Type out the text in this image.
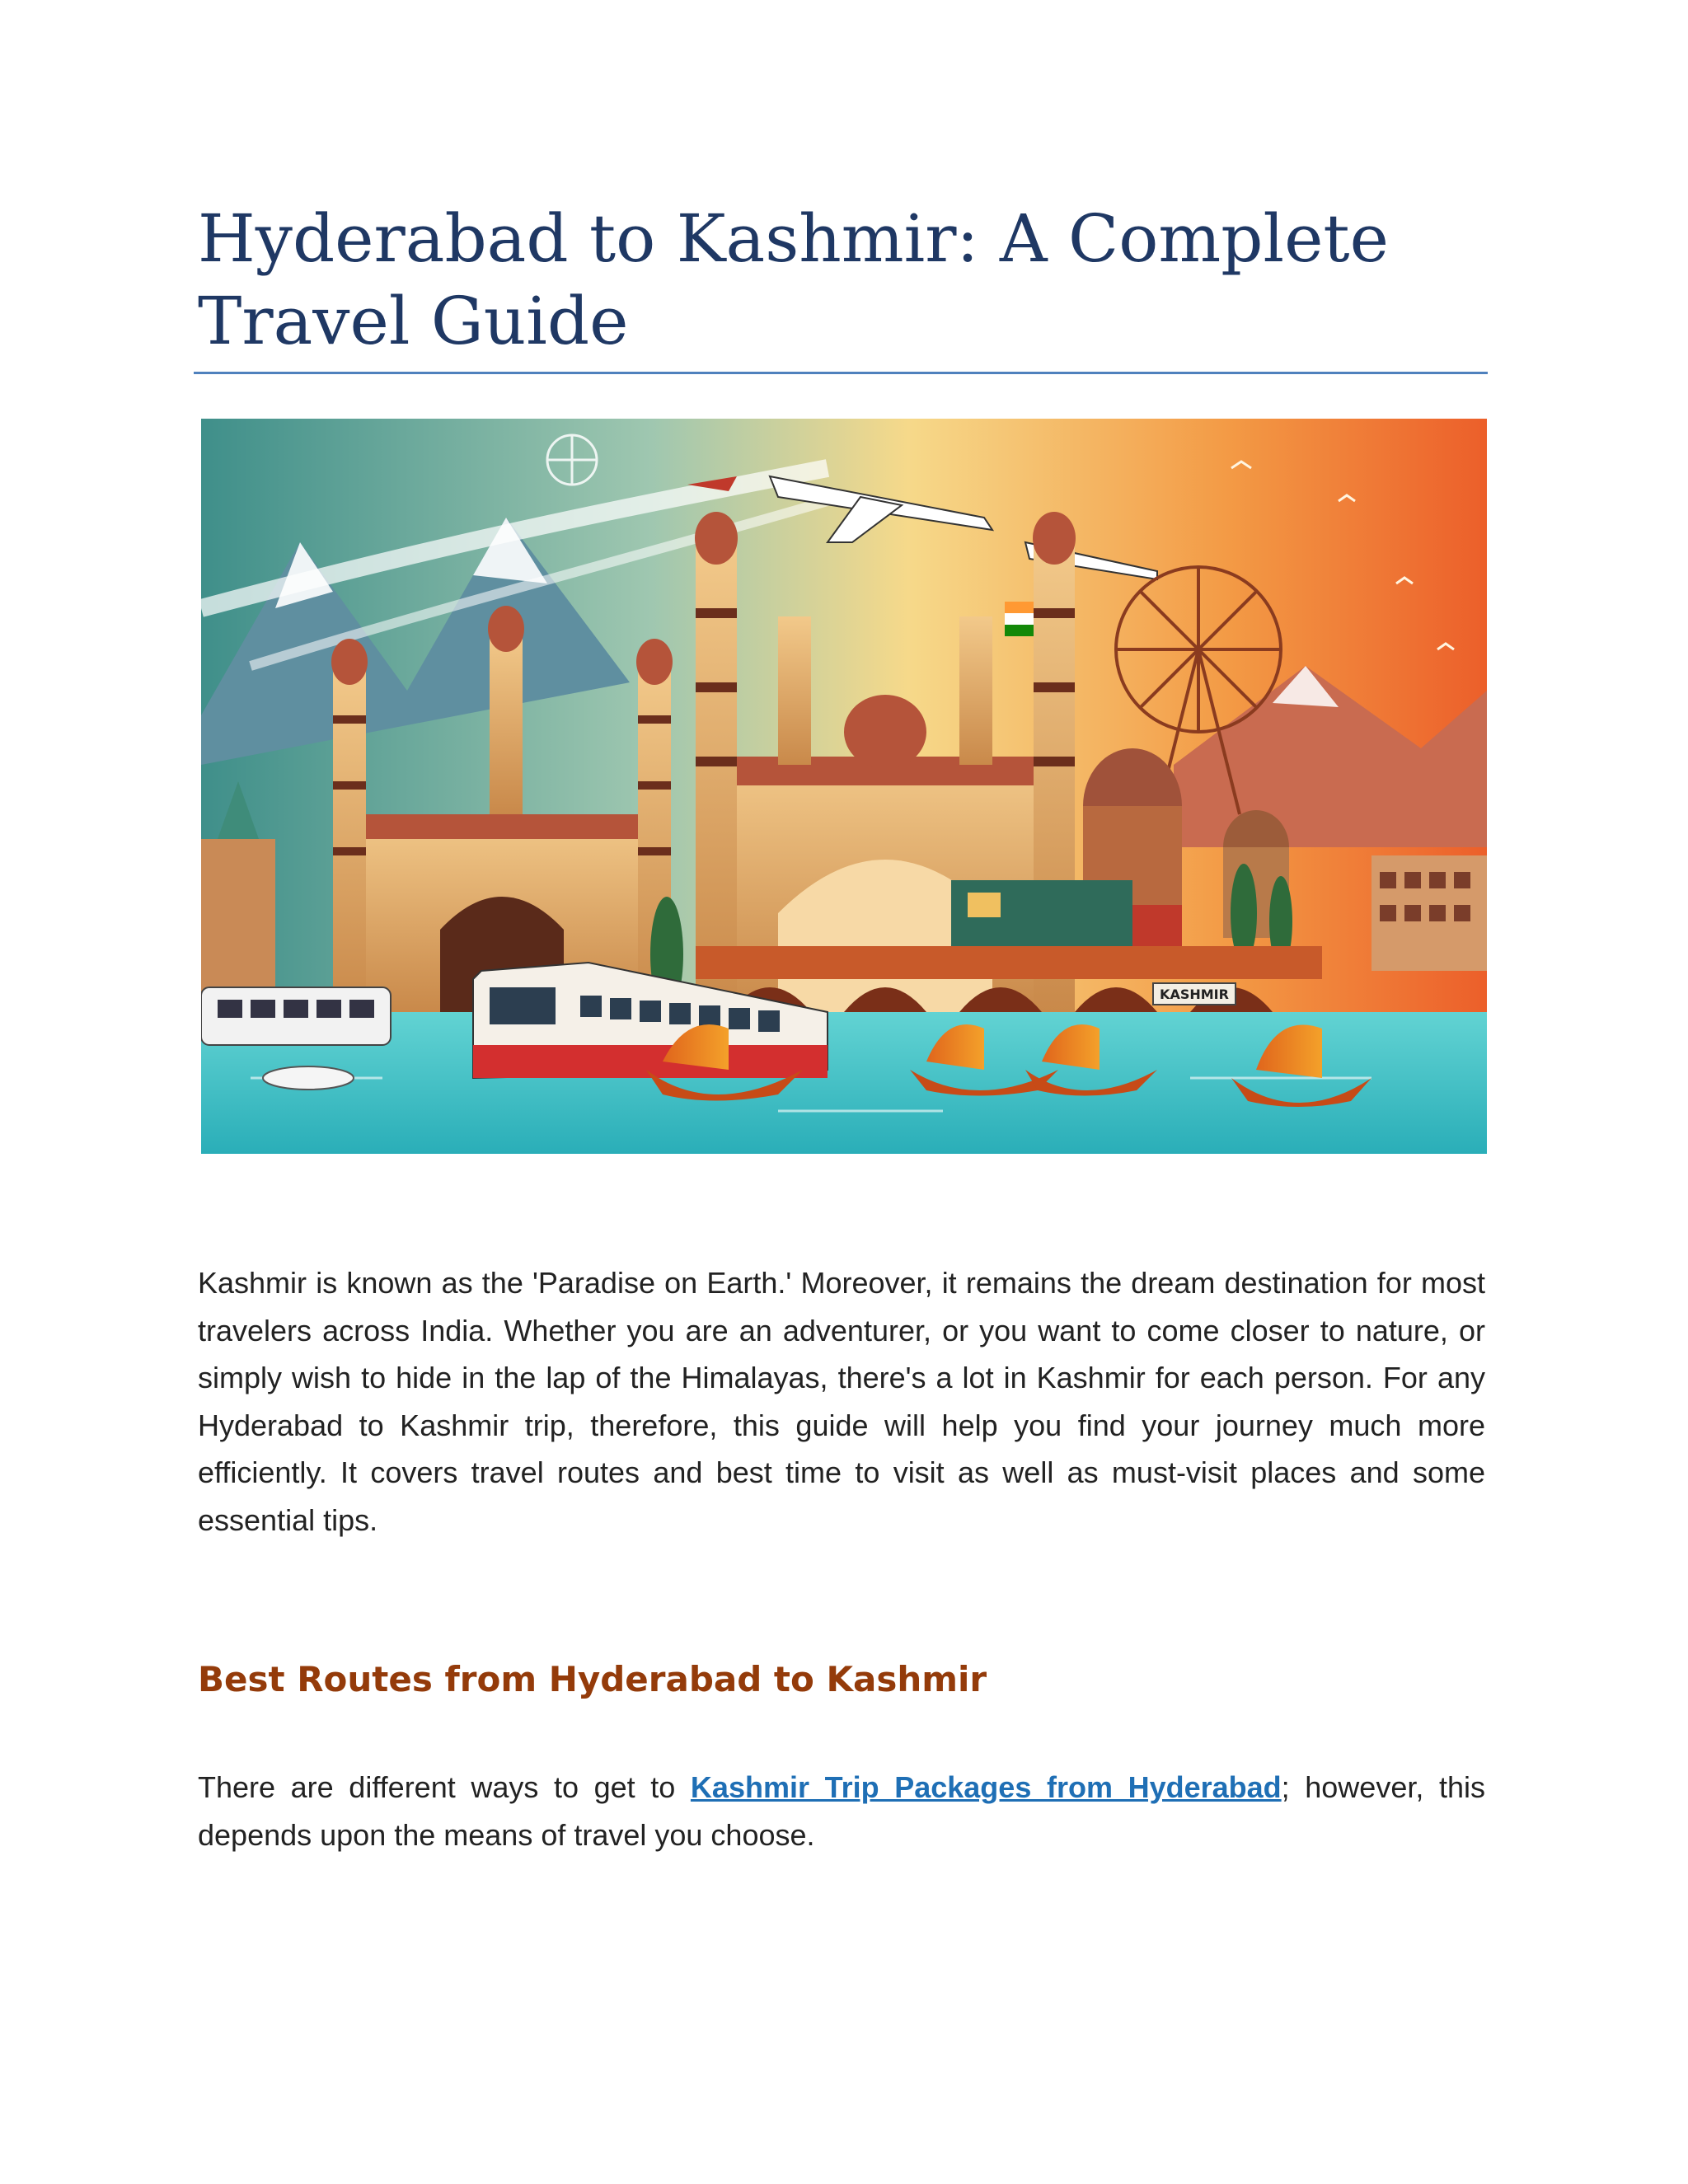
Hyderabad to Kashmir: A Complete Travel Guide
KASHMIR

Kashmir is known as the 'Paradise on Earth.' Moreover, it remains the dream destination for most travelers across India. Whether you are an adventurer, or you want to come closer to nature, or simply wish to hide in the lap of the Himalayas, there's a lot in Kashmir for each person. For any Hyderabad to Kashmir trip, therefore, this guide will help you find your journey much more efficiently. It covers travel routes and best time to visit as well as must-visit places and some essential tips.

Best Routes from Hyderabad to Kashmir

There are different ways to get to Kashmir Trip Packages from Hyderabad; however, this depends upon the means of travel you choose.
